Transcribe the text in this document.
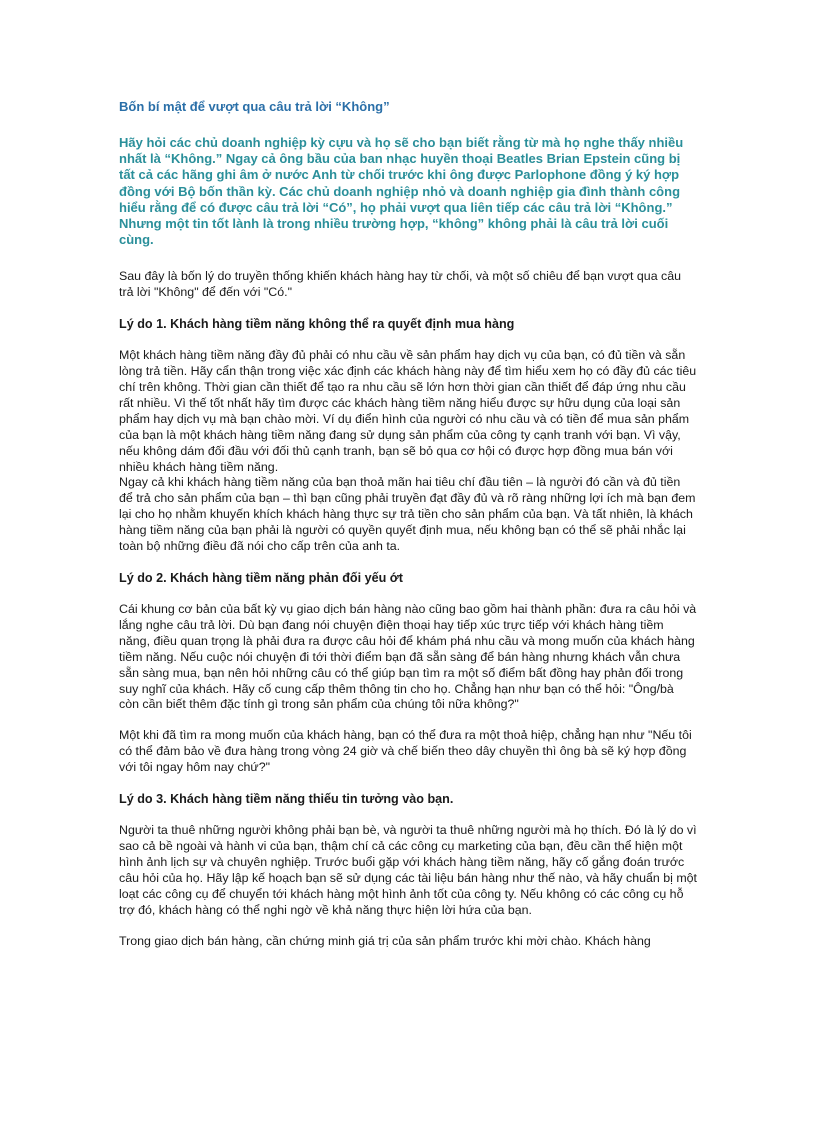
Bốn bí mật để vượt qua câu trả lời “Không”
Hãy hỏi các chủ doanh nghiệp kỳ cựu và họ sẽ cho bạn biết rằng từ mà họ nghe thấy nhiều nhất là “Không.” Ngay cả ông bầu của ban nhạc huyền thoại Beatles Brian Epstein cũng bị tất cả các hãng ghi âm ở nước Anh từ chối trước khi ông được Parlophone đồng ý ký hợp đồng với Bộ bốn thần kỳ. Các chủ doanh nghiệp nhỏ và doanh nghiệp gia đình thành công hiểu rằng để có được câu trả lời “Có”, họ phải vượt qua liên tiếp các câu trả lời “Không.” Nhưng một tin tốt lành là trong nhiều trường hợp, “không” không phải là câu trả lời cuối cùng.
Sau đây là bốn lý do truyền thống khiến khách hàng hay từ chối, và một số chiêu để bạn vượt qua câu trả lời "Không" để đến với "Có."
Lý do 1. Khách hàng tiềm năng không thể ra quyết định mua hàng
Một khách hàng tiềm năng đầy đủ phải có nhu cầu về sản phẩm hay dịch vụ của bạn, có đủ tiền và sẵn lòng trả tiền. Hãy cẩn thận trong việc xác định các khách hàng này để tìm hiểu xem họ có đầy đủ các tiêu chí trên không. Thời gian cần thiết để tạo ra nhu cầu sẽ lớn hơn thời gian cần thiết để đáp ứng nhu cầu rất nhiều. Vì thế tốt nhất hãy tìm được các khách hàng tiềm năng hiểu được sự hữu dụng của loại sản phẩm hay dịch vụ mà bạn chào mời. Ví dụ điển hình của người có nhu cầu và có tiền để mua sản phẩm của bạn là một khách hàng tiềm năng đang sử dụng sản phẩm của công ty cạnh tranh với bạn. Vì vậy, nếu không dám đối đầu với đối thủ cạnh tranh, bạn sẽ bỏ qua cơ hội có được hợp đồng mua bán với nhiều khách hàng tiềm năng.
Ngay cả khi khách hàng tiềm năng của bạn thoả mãn hai tiêu chí đầu tiên – là người đó cần và đủ tiền để trả cho sản phẩm của bạn – thì bạn cũng phải truyền đạt đầy đủ và rõ ràng những lợi ích mà bạn đem lại cho họ nhằm khuyến khích khách hàng thực sự trả tiền cho sản phẩm của bạn. Và tất nhiên, là khách hàng tiềm năng của bạn phải là người có quyền quyết định mua, nếu không bạn có thể sẽ phải nhắc lại toàn bộ những điều đã nói cho cấp trên của anh ta.
Lý do 2. Khách hàng tiềm năng phản đối yếu ớt
Cái khung cơ bản của bất kỳ vụ giao dịch bán hàng nào cũng bao gồm hai thành phần: đưa ra câu hỏi và lắng nghe câu trả lời. Dù bạn đang nói chuyện điện thoại hay tiếp xúc trực tiếp với khách hàng tiềm năng, điều quan trọng là phải đưa ra được câu hỏi để khám phá nhu cầu và mong muốn của khách hàng tiềm năng. Nếu cuộc nói chuyện đi tới thời điểm bạn đã sẵn sàng để bán hàng nhưng khách vẫn chưa sẵn sàng mua, bạn nên hỏi những câu có thể giúp bạn tìm ra một số điểm bất đồng hay phản đối trong suy nghĩ của khách. Hãy cố cung cấp thêm thông tin cho họ. Chẳng hạn như bạn có thể hỏi: "Ông/bà còn cần biết thêm đặc tính gì trong sản phẩm của chúng tôi nữa không?"
Một khi đã tìm ra mong muốn của khách hàng, bạn có thể đưa ra một thoả hiệp, chẳng hạn như "Nếu tôi có thể đảm bảo về đưa hàng trong vòng 24 giờ và chế biến theo dây chuyền thì ông bà sẽ ký hợp đồng với tôi ngay hôm nay chứ?"
Lý do 3. Khách hàng tiềm năng thiếu tin tưởng vào bạn.
Người ta thuê những người không phải bạn bè, và người ta thuê những người mà họ thích. Đó là lý do vì sao cả bề ngoài và hành vi của bạn, thậm chí cả các công cụ marketing của bạn, đều cần thể hiện một hình ảnh lịch sự và chuyên nghiệp. Trước buổi gặp với khách hàng tiềm năng, hãy cố gắng đoán trước câu hỏi của họ. Hãy lập kế hoạch bạn sẽ sử dụng các tài liệu bán hàng như thế nào, và hãy chuẩn bị một loạt các công cụ để chuyển tới khách hàng một hình ảnh tốt của công ty. Nếu không có các công cụ hỗ trợ đó, khách hàng có thể nghi ngờ về khả năng thực hiện lời hứa của bạn.
Trong giao dịch bán hàng, cần chứng minh giá trị của sản phẩm trước khi mời chào. Khách hàng
